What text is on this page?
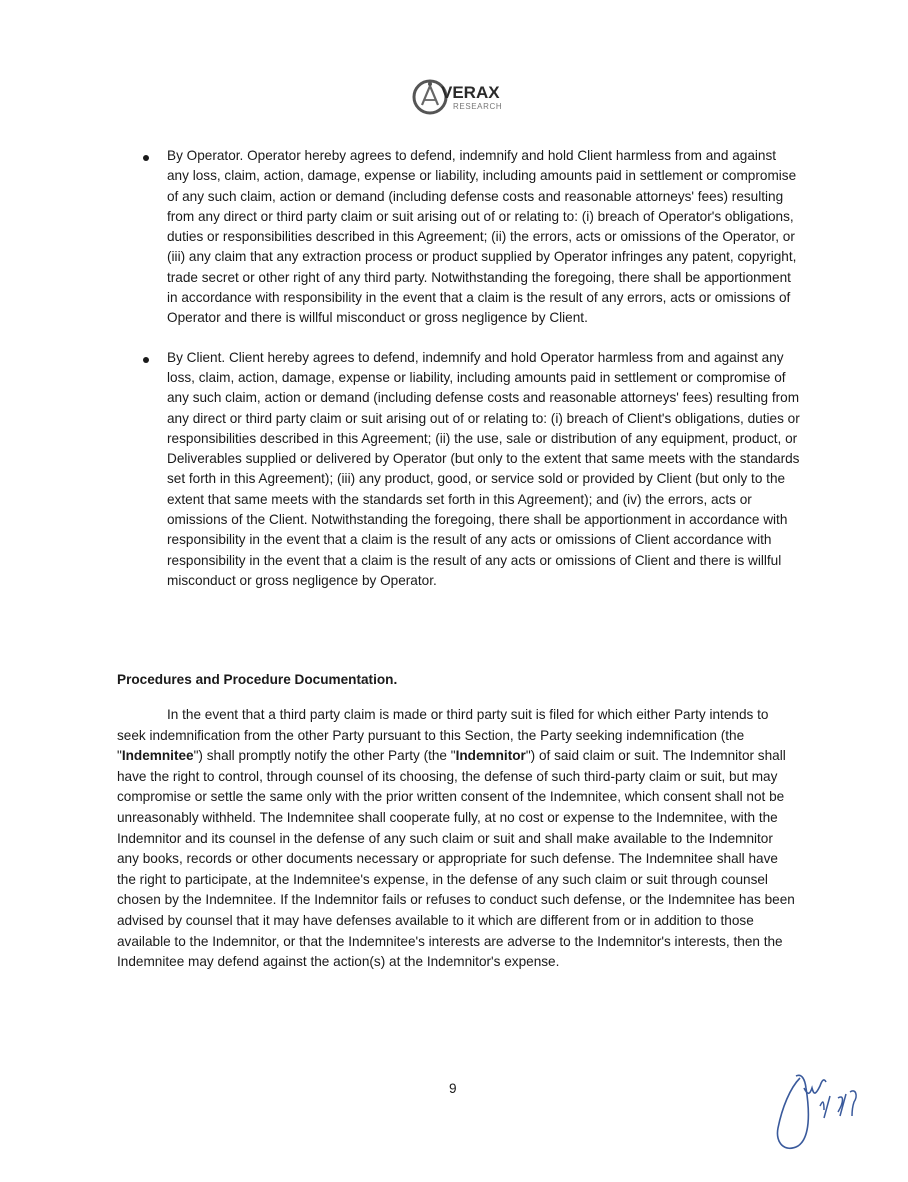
VERAX
RESEARCH
By Operator. Operator hereby agrees to defend, indemnify and hold Client harmless from and against any loss, claim, action, damage, expense or liability, including amounts paid in settlement or compromise of any such claim, action or demand (including defense costs and reasonable attorneys' fees) resulting from any direct or third party claim or suit arising out of or relating to: (i) breach of Operator's obligations, duties or responsibilities described in this Agreement; (ii) the errors, acts or omissions of the Operator, or (iii) any claim that any extraction process or product supplied by Operator infringes any patent, copyright, trade secret or other right of any third party. Notwithstanding the foregoing, there shall be apportionment in accordance with responsibility in the event that a claim is the result of any errors, acts or omissions of Operator and there is willful misconduct or gross negligence by Client.
By Client. Client hereby agrees to defend, indemnify and hold Operator harmless from and against any loss, claim, action, damage, expense or liability, including amounts paid in settlement or compromise of any such claim, action or demand (including defense costs and reasonable attorneys' fees) resulting from any direct or third party claim or suit arising out of or relating to: (i) breach of Client's obligations, duties or responsibilities described in this Agreement; (ii) the use, sale or distribution of any equipment, product, or Deliverables supplied or delivered by Operator (but only to the extent that same meets with the standards set forth in this Agreement); (iii) any product, good, or service sold or provided by Client (but only to the extent that same meets with the standards set forth in this Agreement); and (iv) the errors, acts or omissions of the Client. Notwithstanding the foregoing, there shall be apportionment in accordance with responsibility in the event that a claim is the result of any acts or omissions of Client accordance with responsibility in the event that a claim is the result of any acts or omissions of Client and there is willful misconduct or gross negligence by Operator.
Procedures and Procedure Documentation.

In the event that a third party claim is made or third party suit is filed for which either Party intends to seek indemnification from the other Party pursuant to this Section, the Party seeking indemnification (the "Indemnitee") shall promptly notify the other Party (the "Indemnitor") of said claim or suit. The Indemnitor shall have the right to control, through counsel of its choosing, the defense of such third-party claim or suit, but may compromise or settle the same only with the prior written consent of the Indemnitee, which consent shall not be unreasonably withheld. The Indemnitee shall cooperate fully, at no cost or expense to the Indemnitee, with the Indemnitor and its counsel in the defense of any such claim or suit and shall make available to the Indemnitor any books, records or other documents necessary or appropriate for such defense. The Indemnitee shall have the right to participate, at the Indemnitee's expense, in the defense of any such claim or suit through counsel chosen by the Indemnitee. If the Indemnitor fails or refuses to conduct such defense, or the Indemnitee has been advised by counsel that it may have defenses available to it which are different from or in addition to those available to the Indemnitor, or that the Indemnitee's interests are adverse to the Indemnitor's interests, then the Indemnitee may defend against the action(s) at the Indemnitor's expense.

9
